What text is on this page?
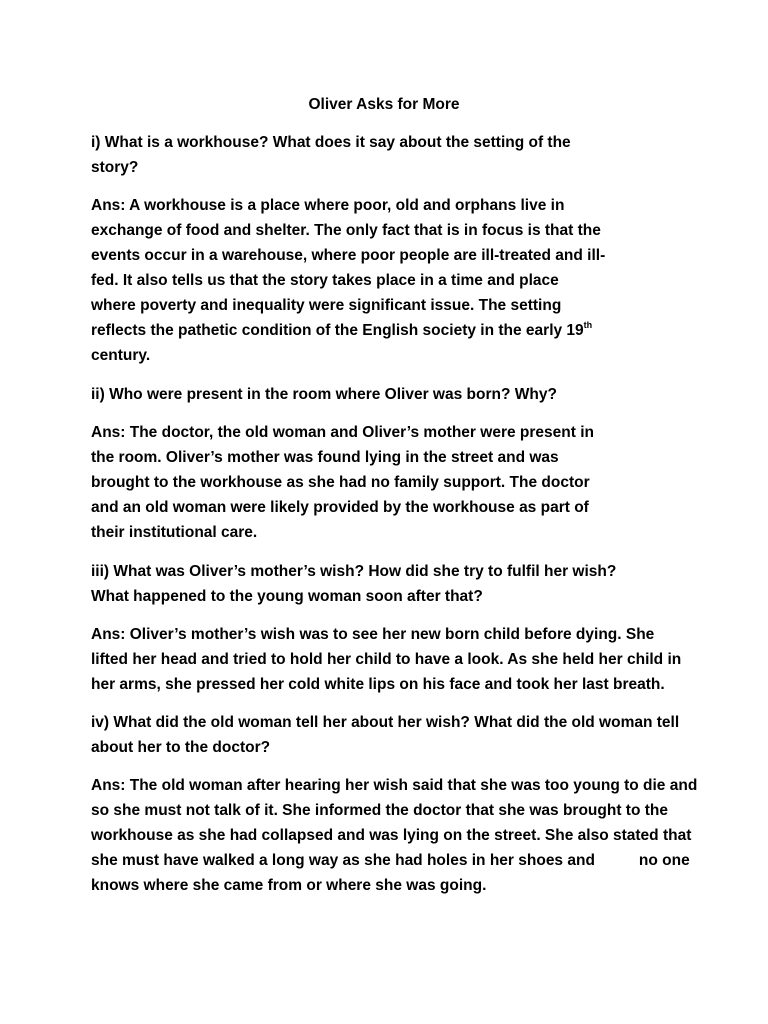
Oliver Asks for More

i) What is a workhouse? What does it say about the setting of the
story?

Ans: A workhouse is a place where poor, old and orphans live in
exchange of food and shelter. The only fact that is in focus is that the
events occur in a warehouse, where poor people are ill-treated and ill-
fed. It also tells us that the story takes place in a time and place
where poverty and inequality were significant issue. The setting
reflects the pathetic condition of the English society in the early 19th
century.

ii) Who were present in the room where Oliver was born? Why?

Ans: The doctor, the old woman and Oliver’s mother were present in
the room. Oliver’s mother was found lying in the street and was
brought to the workhouse as she had no family support. The doctor
and an old woman were likely provided by the workhouse as part of
their institutional care.

iii) What was Oliver’s mother’s wish? How did she try to fulfil her wish?
What happened to the young woman soon after that?

Ans: Oliver’s mother’s wish was to see her new born child before dying. She
lifted her head and tried to hold her child to have a look. As she held her child in
her arms, she pressed her cold white lips on his face and took her last breath.

iv) What did the old woman tell her about her wish? What did the old woman tell
about her to the doctor?

Ans: The old woman after hearing her wish said that she was too young to die and
so she must not talk of it. She informed the doctor that she was brought to the
workhouse as she had collapsed and was lying on the street. She also stated that
she must have walked a long way as she had holes in her shoes and	no one
knows where she came from or where she was going.
